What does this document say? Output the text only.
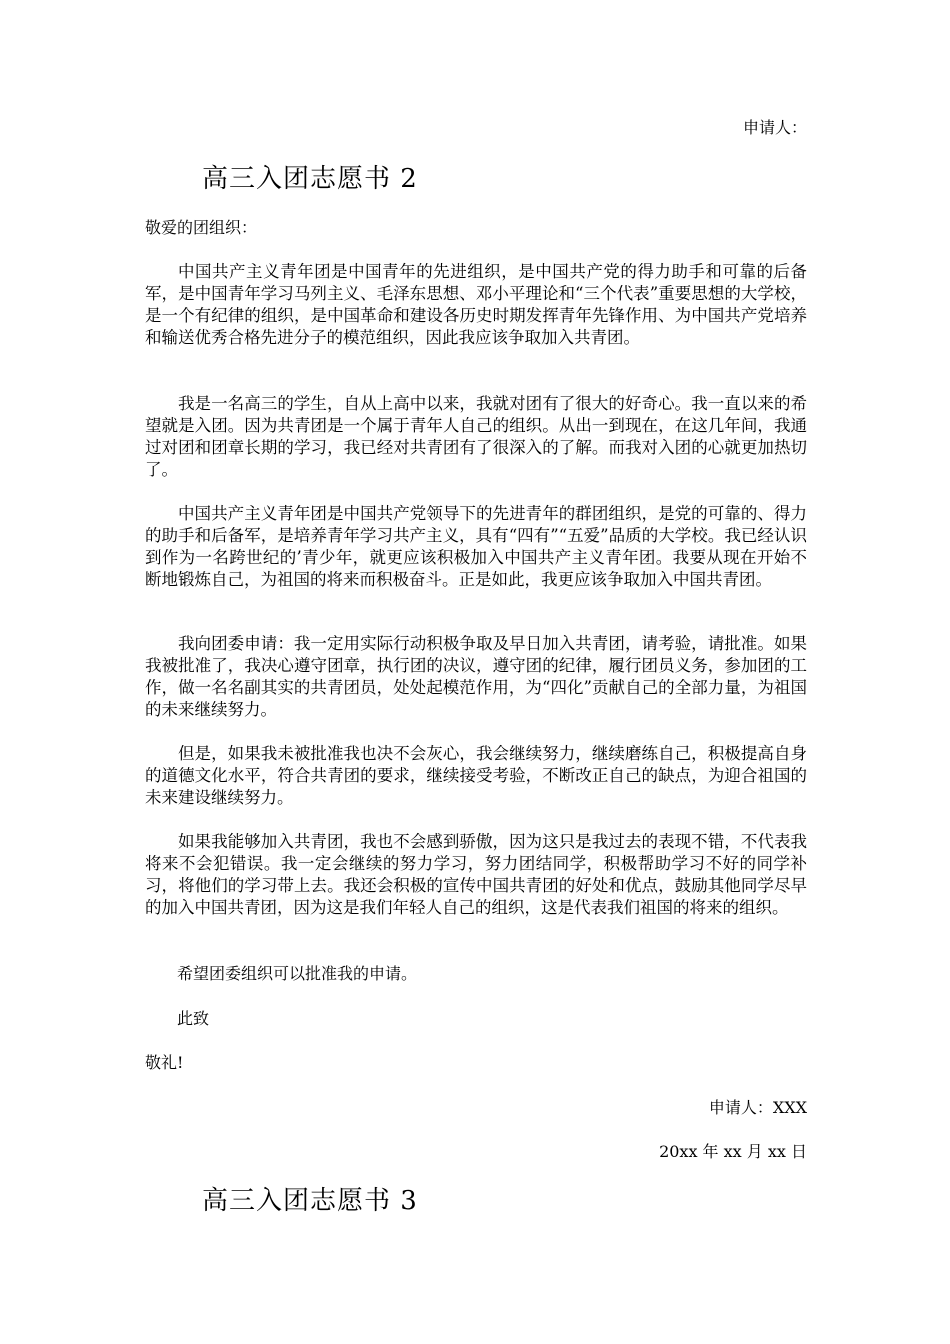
申请人：
高三入团志愿书 2
敬爱的团组织：
中国共产主义青年团是中国青年的先进组织，是中国共产党的得力助手和可靠的后备军，是中国青年学习马列主义、毛泽东思想、邓小平理论和“三个代表”重要思想的大学校，是一个有纪律的组织，是中国革命和建设各历史时期发挥青年先锋作用、为中国共产党培养和输送优秀合格先进分子的模范组织，因此我应该争取加入共青团。
我是一名高三的学生，自从上高中以来，我就对团有了很大的好奇心。我一直以来的希望就是入团。因为共青团是一个属于青年人自己的组织。从出一到现在，在这几年间，我通过对团和团章长期的学习，我已经对共青团有了很深入的了解。而我对入团的心就更加热切了。
中国共产主义青年团是中国共产党领导下的先进青年的群团组织，是党的可靠的、得力的助手和后备军，是培养青年学习共产主义，具有“四有”“五爱”品质的大学校。我已经认识到作为一名跨世纪的’青少年，就更应该积极加入中国共产主义青年团。我要从现在开始不断地锻炼自己，为祖国的将来而积极奋斗。正是如此，我更应该争取加入中国共青团。
我向团委申请：我一定用实际行动积极争取及早日加入共青团，请考验，请批准。如果我被批准了，我决心遵守团章，执行团的决议，遵守团的纪律，履行团员义务，参加团的工作，做一名名副其实的共青团员，处处起模范作用，为“四化”贡献自己的全部力量，为祖国的未来继续努力。
但是，如果我未被批准我也决不会灰心，我会继续努力，继续磨练自己，积极提高自身的道德文化水平，符合共青团的要求，继续接受考验，不断改正自己的缺点，为迎合祖国的未来建设继续努力。
如果我能够加入共青团，我也不会感到骄傲，因为这只是我过去的表现不错，不代表我将来不会犯错误。我一定会继续的努力学习，努力团结同学，积极帮助学习不好的同学补习，将他们的学习带上去。我还会积极的宣传中国共青团的好处和优点，鼓励其他同学尽早的加入中国共青团，因为这是我们年轻人自己的组织，这是代表我们祖国的将来的组织。
希望团委组织可以批准我的申请。
此致
敬礼!
申请人：XXX
20xx 年 xx 月 xx 日
高三入团志愿书 3
